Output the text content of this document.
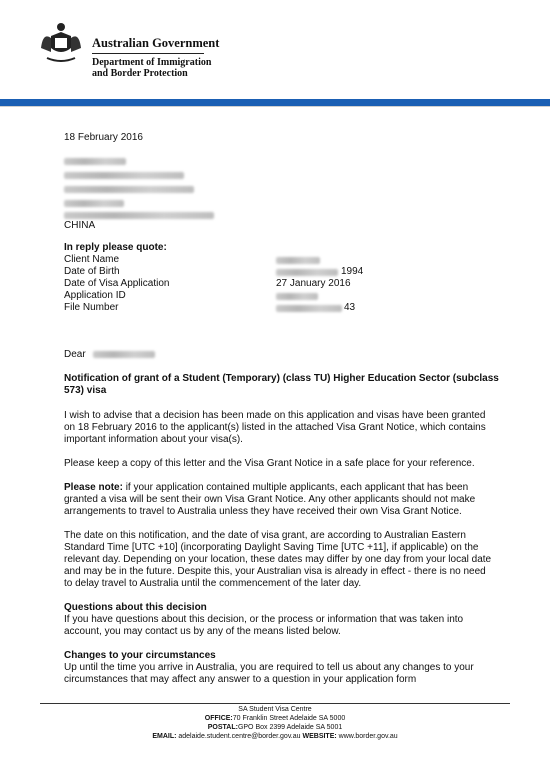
Australian Government
Department of Immigration
and Border Protection
18 February 2016
CHINA
In reply please quote:
Client Name
Date of Birth	1994
Date of Visa Application	27 January 2016
Application ID
File Number	43
Dear

Notification of grant of a Student (Temporary) (class TU) Higher Education Sector (subclass 573) visa

I wish to advise that a decision has been made on this application and visas have been granted on 18 February 2016 to the applicant(s) listed in the attached Visa Grant Notice, which contains important information about your visa(s).

Please keep a copy of this letter and the Visa Grant Notice in a safe place for your reference.

Please note: if your application contained multiple applicants, each applicant that has been granted a visa will be sent their own Visa Grant Notice. Any other applicants should not make arrangements to travel to Australia unless they have received their own Visa Grant Notice.

The date on this notification, and the date of visa grant, are according to Australian Eastern Standard Time [UTC +10] (incorporating Daylight Saving Time [UTC +11], if applicable) on the relevant day. Depending on your location, these dates may differ by one day from your local date and may be in the future. Despite this, your Australian visa is already in effect - there is no need to delay travel to Australia until the commencement of the later day.

Questions about this decision

If you have questions about this decision, or the process or information that was taken into account, you may contact us by any of the means listed below.

Changes to your circumstances

Up until the time you arrive in Australia, you are required to tell us about any changes to your circumstances that may affect any answer to a question in your application form

SA Student Visa Centre
OFFICE:70 Franklin Street Adelaide SA 5000
POSTAL:GPO Box 2399 Adelaide SA 5001
EMAIL: adelaide.student.centre@border.gov.au WEBSITE: www.border.gov.au
